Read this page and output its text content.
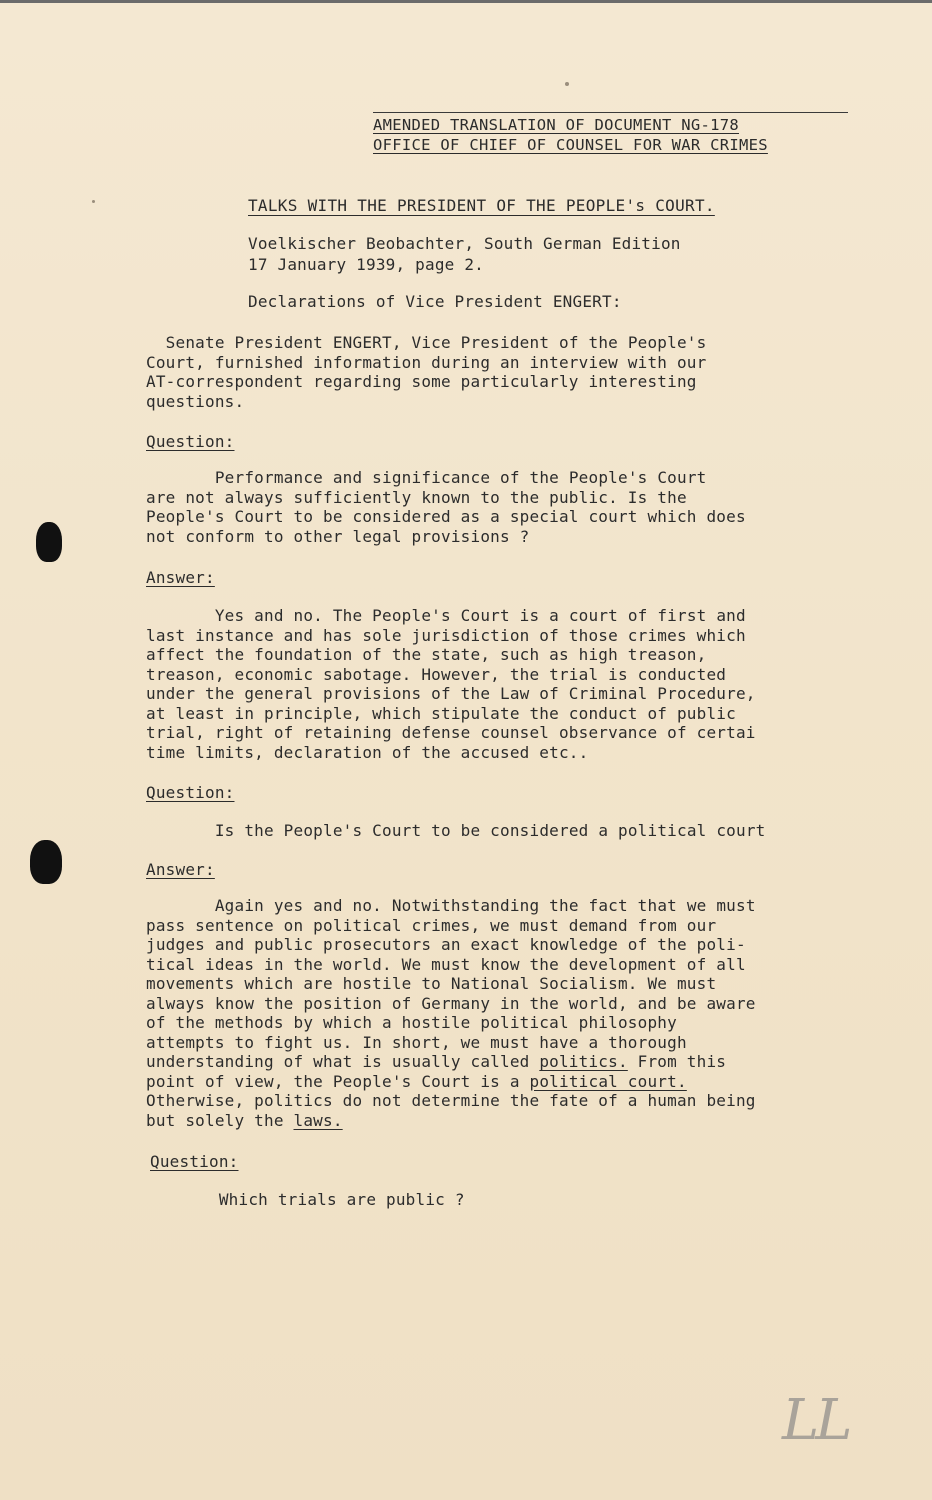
AMENDED TRANSLATION OF DOCUMENT NG-178
OFFICE OF CHIEF OF COUNSEL FOR WAR CRIMES
TALKS WITH THE PRESIDENT OF THE PEOPLE's COURT.
Voelkischer Beobachter, South German Edition
17 January 1939, page 2.
Declarations of Vice President ENGERT:
Senate President ENGERT, Vice President of the People's
Court, furnished information during an interview with our
AT-correspondent regarding some particularly interesting
questions.
Question:
Performance and significance of the People's Court
are not always sufficiently known to the public. Is the
People's Court to be considered as a special court which does
not conform to other legal provisions ?
Answer:
Yes and no. The People's Court is a court of first and
last instance and has sole jurisdiction of those crimes which
affect the foundation of the state, such as high treason,
treason, economic sabotage. However, the trial is conducted
under the general provisions of the Law of Criminal Procedure,
at least in principle, which stipulate the conduct of public
trial, right of retaining defense counsel observance of certai
time limits, declaration of the accused etc..
Question:
Is the People's Court to be considered a political court
Answer:
Again yes and no. Notwithstanding the fact that we must
pass sentence on political crimes, we must demand from our
judges and public prosecutors an exact knowledge of the poli-
tical ideas in the world. We must know the development of all
movements which are hostile to National Socialism. We must
always know the position of Germany in the world, and be aware
of the methods by which a hostile political philosophy
attempts to fight us. In short, we must have a thorough
understanding of what is usually called politics. From this
point of view, the People's Court is a political court.
Otherwise, politics do not determine the fate of a human being
but solely the laws.
Question:
Which trials are public ?
LL
